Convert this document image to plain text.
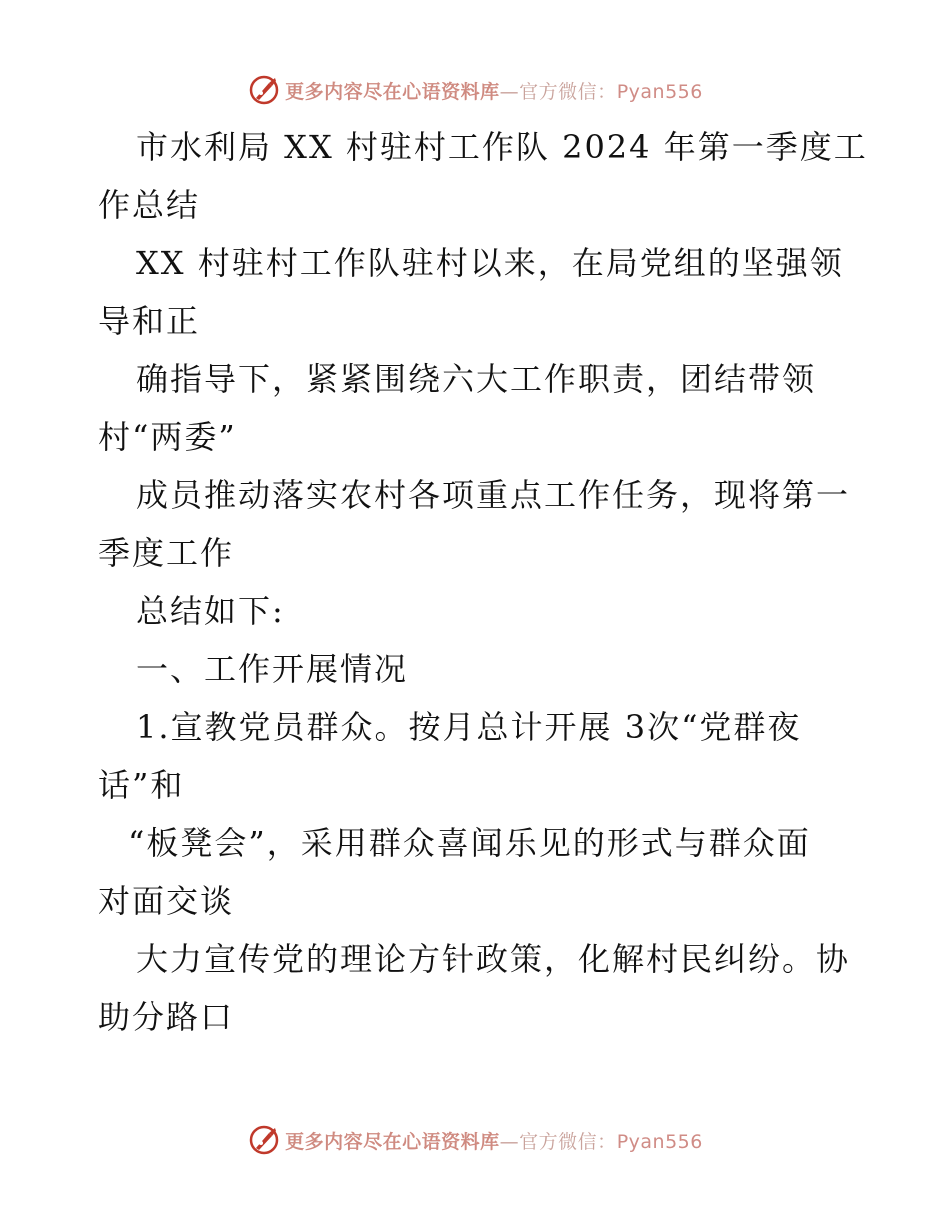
更多内容尽在心语资料库—官方微信：Pyan556
市水利局 XX 村驻村工作队 2024 年第一季度工
作总结
XX 村驻村工作队驻村以来，在局党组的坚强领
导和正
确指导下，紧紧围绕六大工作职责，团结带领
村“两委”
成员推动落实农村各项重点工作任务，现将第一
季度工作
总结如下:
一、工作开展情况
1.宣教党员群众。按月总计开展 3次“党群夜
话”和
“板凳会”，采用群众喜闻乐见的形式与群众面
对面交谈
大力宣传党的理论方针政策，化解村民纠纷。协
助分路口
更多内容尽在心语资料库—官方微信：Pyan556
